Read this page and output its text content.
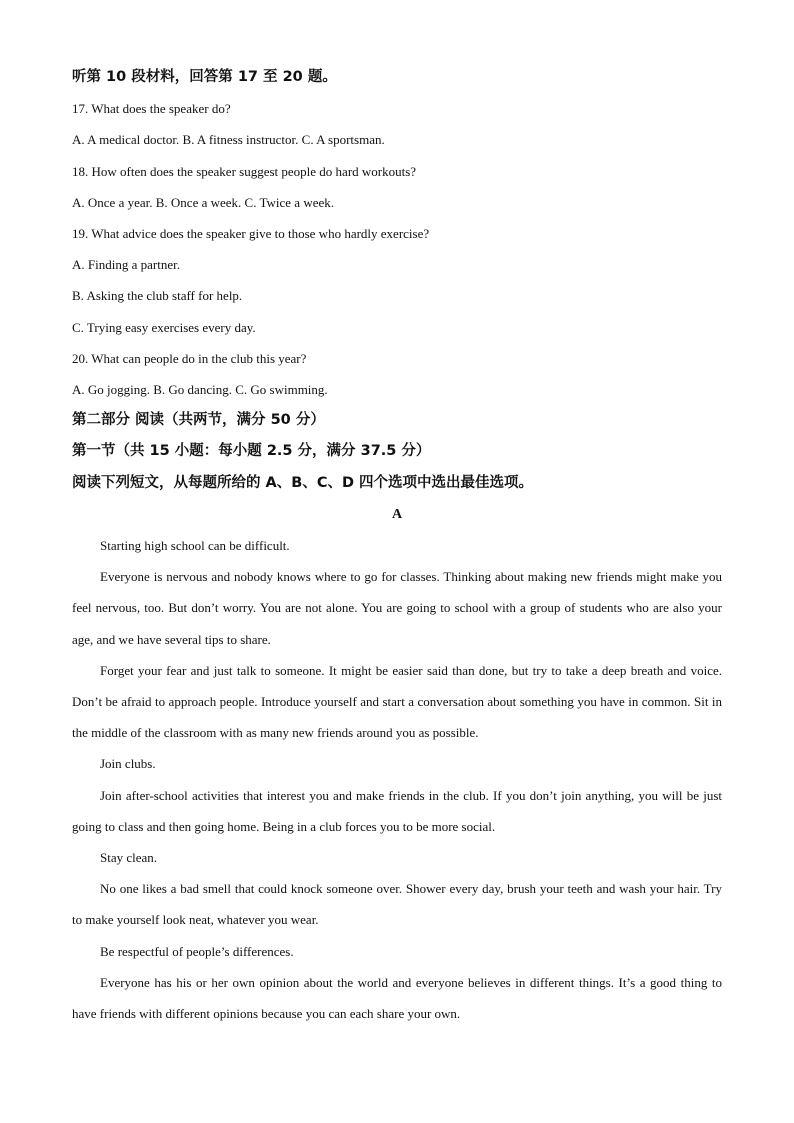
听第 10 段材料，回答第 17 至 20 题。
17. What does the speaker do?
A. A medical doctor. B. A fitness instructor. C. A sportsman.
18. How often does the speaker suggest people do hard workouts?
A. Once a year. B. Once a week. C. Twice a week.
19. What advice does the speaker give to those who hardly exercise?
A. Finding a partner.
B. Asking the club staff for help.
C. Trying easy exercises every day.
20. What can people do in the club this year?
A. Go jogging. B. Go dancing. C. Go swimming.
第二部分 阅读（共两节，满分 50 分）
第一节（共 15 小题：每小题 2.5 分，满分 37.5 分）
阅读下列短文，从每题所给的 A、B、C、D 四个选项中选出最佳选项。
A
Starting high school can be difficult.
Everyone is nervous and nobody knows where to go for classes. Thinking about making new friends might make you feel nervous, too. But don’t worry. You are not alone. You are going to school with a group of students who are also your age, and we have several tips to share.
Forget your fear and just talk to someone. It might be easier said than done, but try to take a deep breath and voice. Don’t be afraid to approach people. Introduce yourself and start a conversation about something you have in common. Sit in the middle of the classroom with as many new friends around you as possible.
Join clubs.
Join after-school activities that interest you and make friends in the club. If you don’t join anything, you will be just going to class and then going home. Being in a club forces you to be more social.
Stay clean.
No one likes a bad smell that could knock someone over. Shower every day, brush your teeth and wash your hair. Try to make yourself look neat, whatever you wear.
Be respectful of people’s differences.
Everyone has his or her own opinion about the world and everyone believes in different things. It’s a good thing to have friends with different opinions because you can each share your own.
